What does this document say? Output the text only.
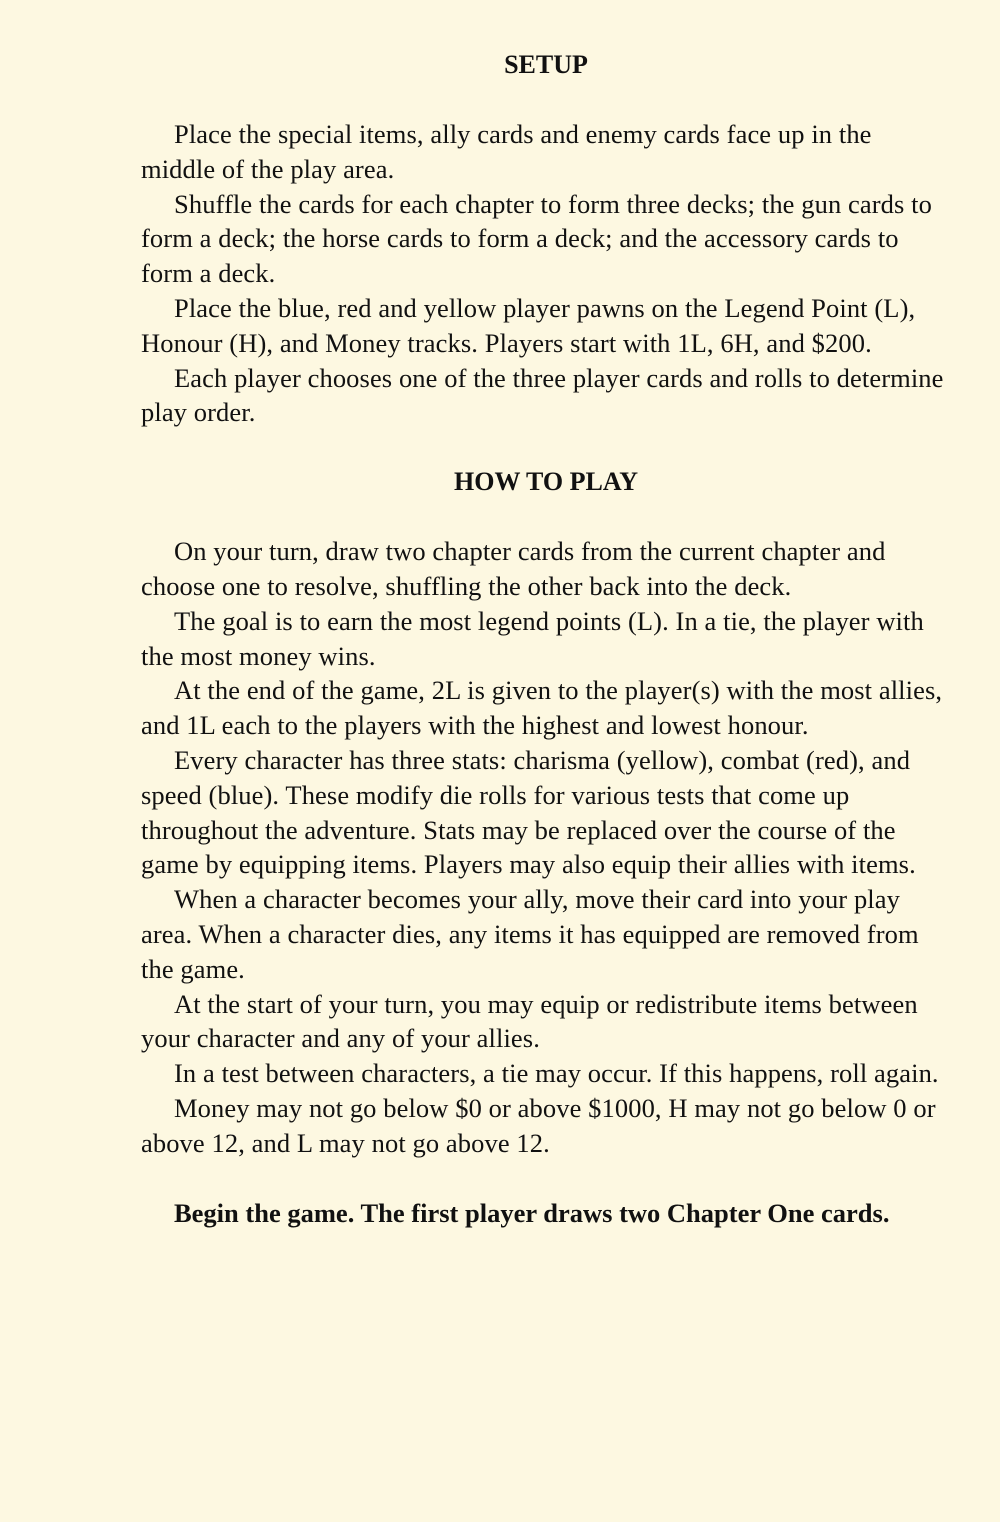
SETUP

Place the special items, ally cards and enemy cards face up in the middle of the play area.

Shuffle the cards for each chapter to form three decks; the gun cards to form a deck; the horse cards to form a deck; and the accessory cards to form a deck.

Place the blue, red and yellow player pawns on the Legend Point (L), Honour (H), and Money tracks. Players start with 1L, 6H, and $200.

Each player chooses one of the three player cards and rolls to determine play order.

HOW TO PLAY

On your turn, draw two chapter cards from the current chapter and choose one to resolve, shuffling the other back into the deck.

The goal is to earn the most legend points (L). In a tie, the player with the most money wins.

At the end of the game, 2L is given to the player(s) with the most allies, and 1L each to the players with the highest and lowest honour.

Every character has three stats: charisma (yellow), combat (red), and speed (blue). These modify die rolls for various tests that come up throughout the adventure. Stats may be replaced over the course of the game by equipping items. Players may also equip their allies with items.

When a character becomes your ally, move their card into your play area. When a character dies, any items it has equipped are removed from the game.

At the start of your turn, you may equip or redistribute items between your character and any of your allies.

In a test between characters, a tie may occur. If this happens, roll again.

Money may not go below $0 or above $1000, H may not go below 0 or above 12, and L may not go above 12.

Begin the game. The first player draws two Chapter One cards.
